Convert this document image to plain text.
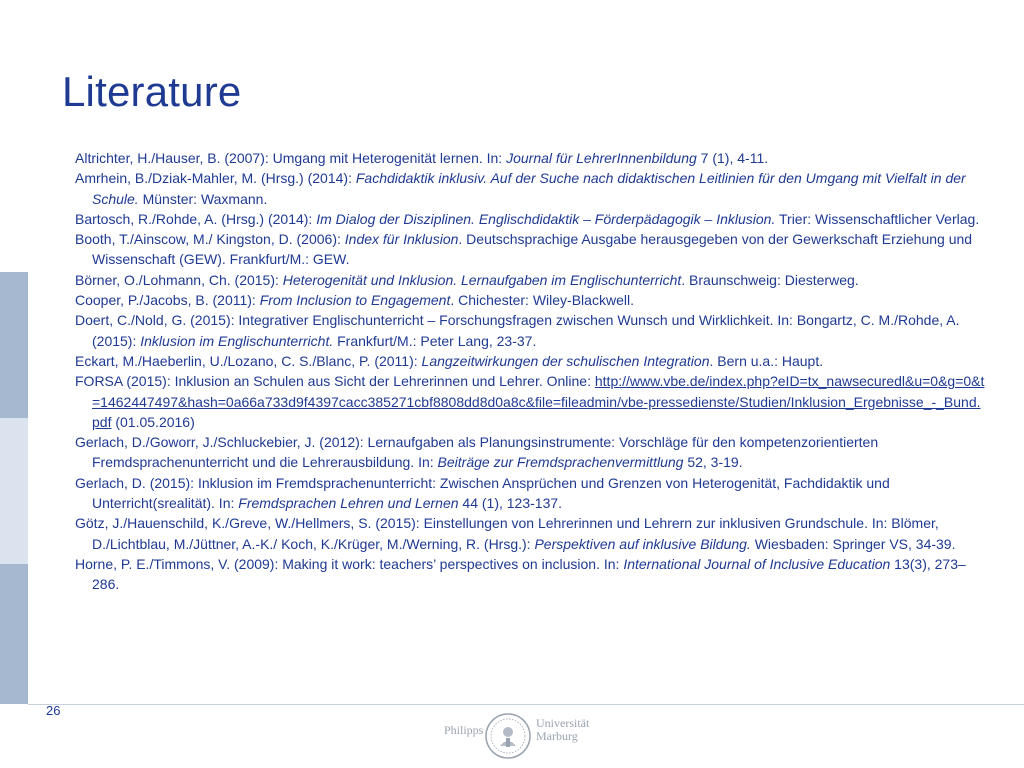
Literature

Altrichter, H./Hauser, B. (2007): Umgang mit Heterogenität lernen. In: Journal für LehrerInnenbildung 7 (1), 4-11.

Amrhein, B./Dziak-Mahler, M. (Hrsg.) (2014): Fachdidaktik inklusiv. Auf der Suche nach didaktischen Leitlinien für den Umgang mit Vielfalt in der Schule. Münster: Waxmann.

Bartosch, R./Rohde, A. (Hrsg.) (2014): Im Dialog der Disziplinen. Englischdidaktik – Förderpädagogik – Inklusion. Trier: Wissenschaftlicher Verlag.

Booth, T./Ainscow, M./ Kingston, D. (2006): Index für Inklusion. Deutschsprachige Ausgabe herausgegeben von der Gewerkschaft Erziehung und Wissenschaft (GEW). Frankfurt/M.: GEW.

Börner, O./Lohmann, Ch. (2015): Heterogenität und Inklusion. Lernaufgaben im Englischunterricht. Braunschweig: Diesterweg.

Cooper, P./Jacobs, B. (2011): From Inclusion to Engagement. Chichester: Wiley-Blackwell.

Doert, C./Nold, G. (2015): Integrativer Englischunterricht – Forschungsfragen zwischen Wunsch und Wirklichkeit. In: Bongartz, C. M./Rohde, A. (2015): Inklusion im Englischunterricht. Frankfurt/M.: Peter Lang, 23-37.

Eckart, M./Haeberlin, U./Lozano, C. S./Blanc, P. (2011): Langzeitwirkungen der schulischen Integration. Bern u.a.: Haupt.

FORSA (2015): Inklusion an Schulen aus Sicht der Lehrerinnen und Lehrer. Online: http://www.vbe.de/index.php?eID=tx_nawsecuredl&u=0&g=0&t=1462447497&hash=0a66a733d9f4397cacc385271cbf8808dd8d0a8c&file=fileadmin/vbe-pressedienste/Studien/Inklusion_Ergebnisse_-_Bund.pdf (01.05.2016)

Gerlach, D./Goworr, J./Schluckebier, J. (2012): Lernaufgaben als Planungsinstrumente: Vorschläge für den kompetenzorientierten Fremdsprachenunterricht und die Lehrerausbildung. In: Beiträge zur Fremdsprachenvermittlung 52, 3-19.

Gerlach, D. (2015): Inklusion im Fremdsprachenunterricht: Zwischen Ansprüchen und Grenzen von Heterogenität, Fachdidaktik und Unterricht(srealität). In: Fremdsprachen Lehren und Lernen 44 (1), 123-137.

Götz, J./Hauenschild, K./Greve, W./Hellmers, S. (2015): Einstellungen von Lehrerinnen und Lehrern zur inklusiven Grundschule. In: Blömer, D./Lichtblau, M./Jüttner, A.-K./ Koch, K./Krüger, M./Werning, R. (Hrsg.): Perspektiven auf inklusive Bildung. Wiesbaden: Springer VS, 34-39.

Horne, P. E./Timmons, V. (2009): Making it work: teachers’ perspectives on inclusion. In: International Journal of Inclusive Education 13(3), 273–286.

26
Philipps	Universität
Marburg
